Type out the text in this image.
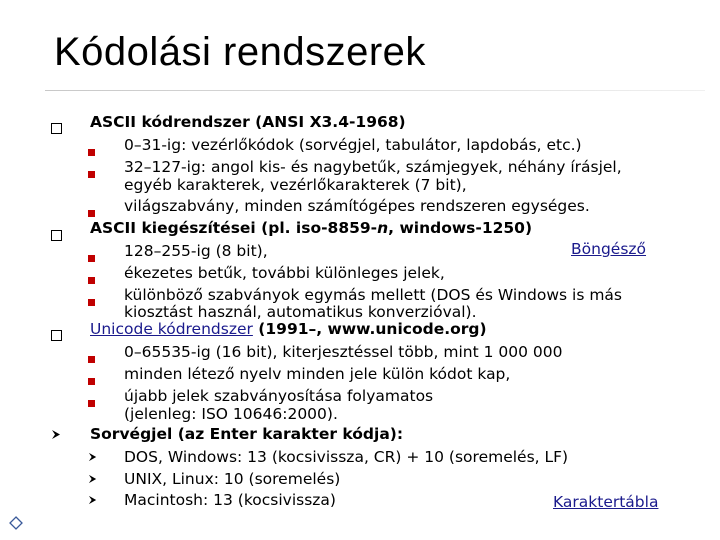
Kódolási rendszerek
ASCII kódrendszer (ANSI X3.4-1968)
0–31-ig: vezérlőkódok (sorvégjel, tabulátor, lapdobás, etc.)
32–127-ig: angol kis- és nagybetűk, számjegyek, néhány írásjel,
egyéb karakterek, vezérlőkarakterek (7 bit),
világszabvány, minden számítógépes rendszeren egységes.
ASCII kiegészítései (pl. iso-8859-n, windows-1250)
128–255-ig (8 bit),	Böngésző
ékezetes betűk, további különleges jelek,
különböző szabványok egymás mellett (DOS és Windows is más
kiosztást használ, automatikus konverzióval).
Unicode kódrendszer (1991–, www.unicode.org)
0–65535-ig (16 bit), kiterjesztéssel több, mint 1 000 000
minden létező nyelv minden jele külön kódot kap,
újabb jelek szabványosítása folyamatos
(jelenleg: ISO 10646:2000).
Sorvégjel (az Enter karakter kódja):
DOS, Windows: 13 (kocsivissza, CR) + 10 (soremelés, LF)
UNIX, Linux: 10 (soremelés)
Macintosh: 13 (kocsivissza)	Karaktertábla
